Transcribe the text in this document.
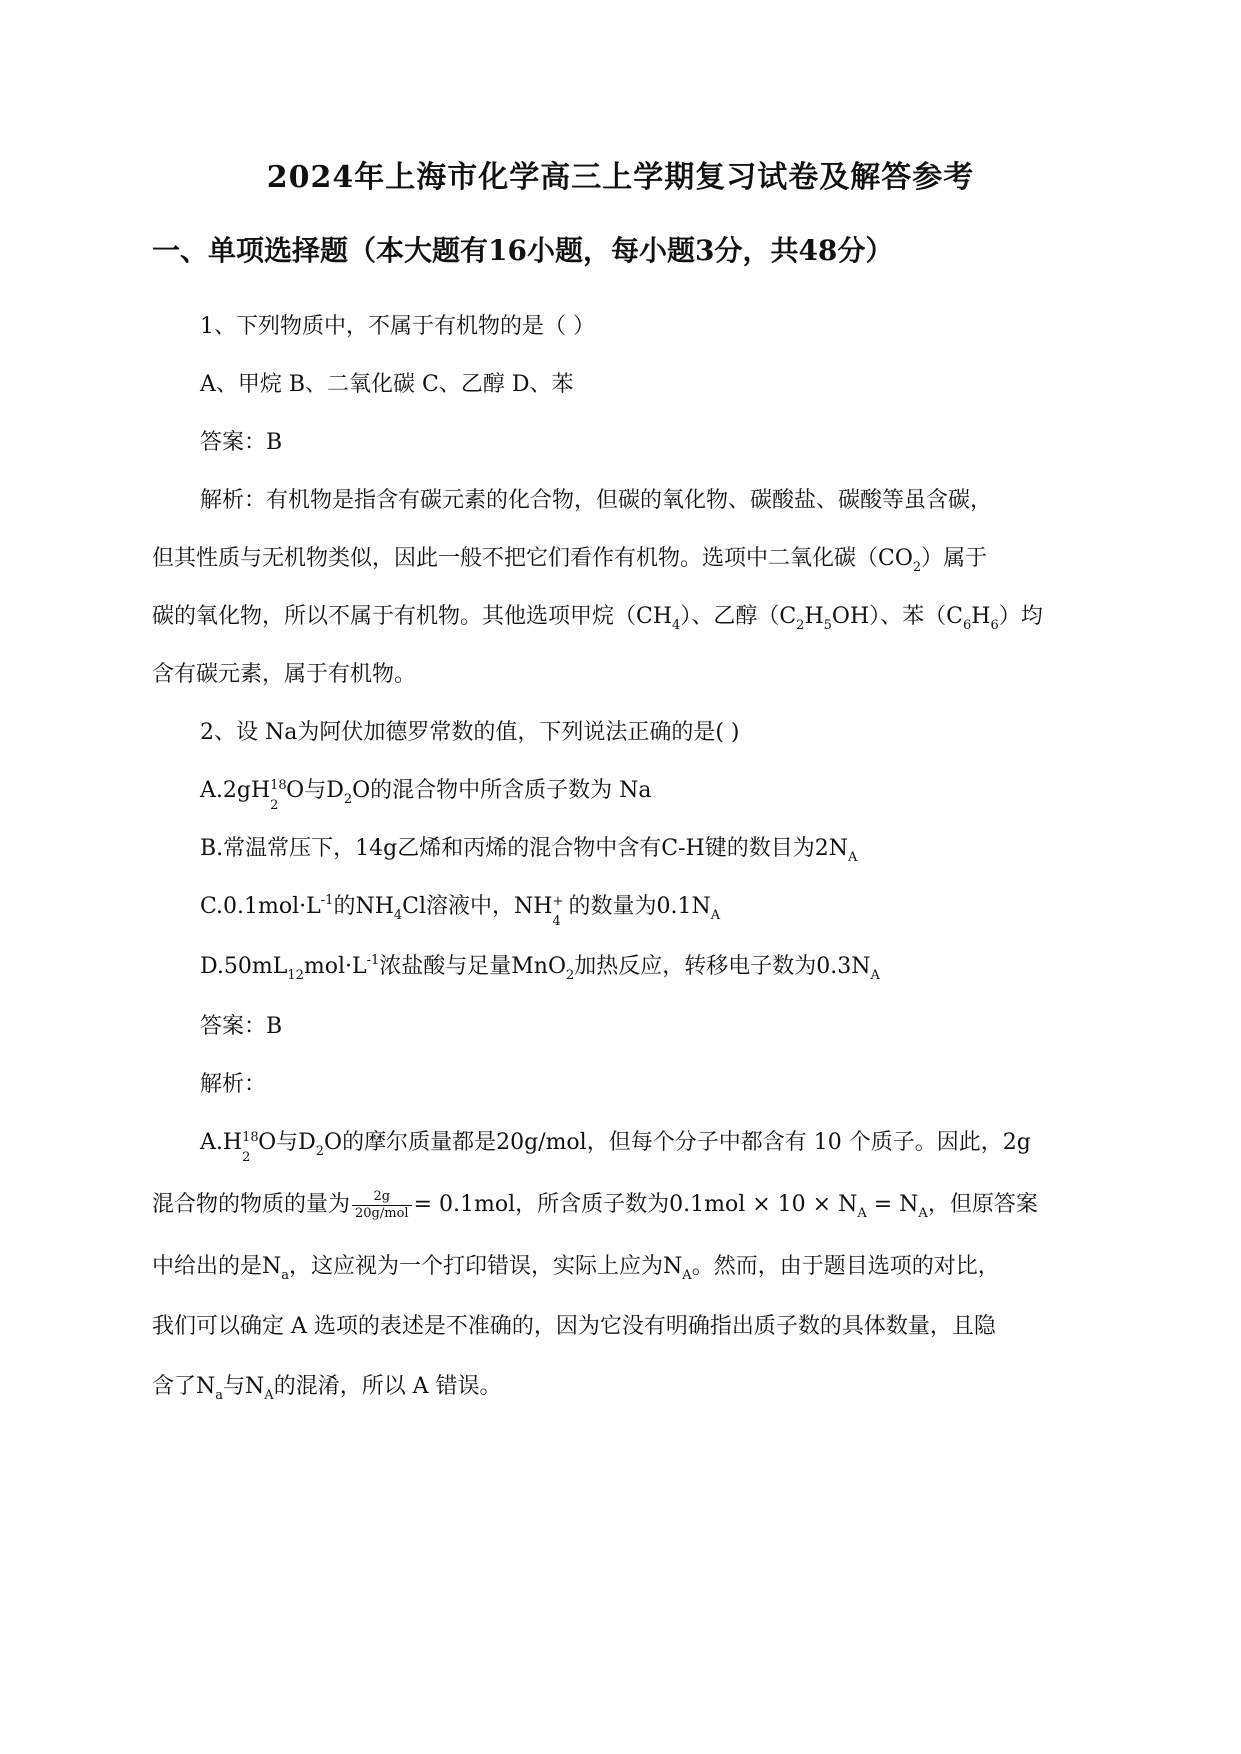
2024年上海市化学高三上学期复习试卷及解答参考
一、单项选择题（本大题有16小题，每小题3分，共48分）
1、下列物质中，不属于有机物的是（ ）
A、甲烷 B、二氧化碳 C、乙醇 D、苯
答案：B
解析：有机物是指含有碳元素的化合物，但碳的氧化物、碳酸盐、碳酸等虽含碳，
但其性质与无机物类似，因此一般不把它们看作有机物。选项中二氧化碳$(CO_2)$属于
碳的氧化物，所以不属于有机物。其他选项甲烷$(CH_4)$、乙醇$(C_2H_5OH)$、苯$(C_6H_6)$均
含有碳元素，属于有机物。
2、设 Na为阿伏加德罗常数的值，下列说法正确的是( )
A.2gH 18
2
O与$D_2O$的混合物中所含质子数为 Na
B.常温常压下，14g乙烯和丙烯的混合物中含有C-H键的数目为$2N_A$
$C.0.1mol\cdot L^{-1}$的$NH_4Cl$溶液中，NH +
4
的数量为$0.1N_A$
$D.50mL_{12}mol\cdot L^{-1}$浓盐酸与足量MnO$_2$加热反应，转移电子数为$0.3N_A$
答案：B
解析：
A.H 18
2
O与$D_2O$的摩尔质量都是20g/mol，但每个分子中都含有 10 个质子。因此，2g
混合物的物质的量为 $\frac{2g}{\text{20g/mol}} = 0.1mol$，所含质子数为$0.1mol \times 10 \times N_A = N_A$，但原答案
中给出的是$N_a$，这应视为一个打印错误，实际上应为$N_A$。然而，由于题目选项的对比，
我们可以确定 A 选项的表述是不准确的，因为它没有明确指出质子数的具体数量，且隐
含了$N_a$与$N_A$的混淆，所以 A 错误。
